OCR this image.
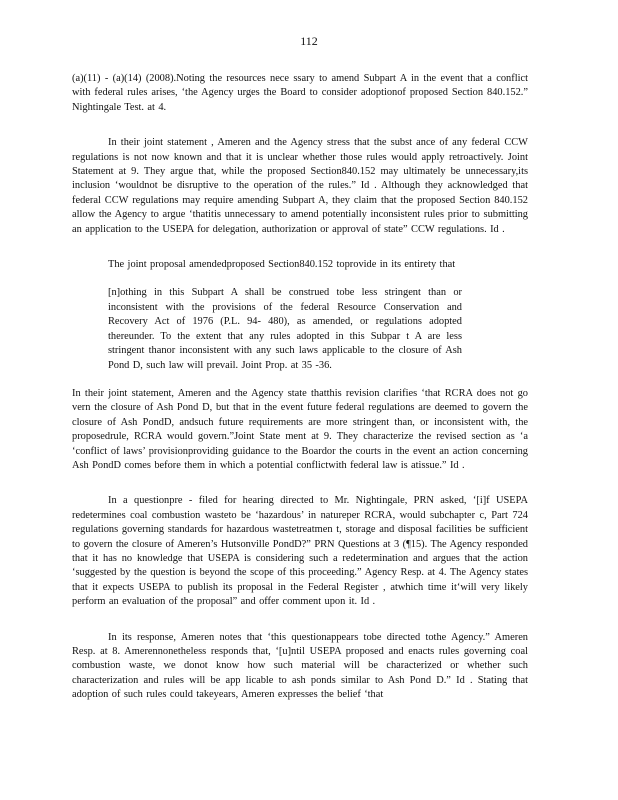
112

(a)(11) - (a)(14) (2008).Noting the resources nece ssary to amend Subpart A in the event that a conflict with federal rules arises, ‘the Agency urges the Board to consider adoptionof proposed Section 840.152.” Nightingale Test. at 4.

In their joint statement , Ameren and the Agency stress that the subst ance of any federal CCW regulations is not now known and that it is unclear whether those rules would apply retroactively. Joint Statement at 9. They argue that, while the proposed Section840.152 may ultimately be unnecessary,its inclusion ‘wouldnot be disruptive to the operation of the rules.” Id . Although they acknowledged that federal CCW regulations may require amending Subpart A, they claim that the proposed Section 840.152 allow the Agency to argue ‘thatitis unnecessary to amend potentially inconsistent rules prior to submitting an application to the USEPA for delegation, authorization or approval of state” CCW regulations. Id .

The joint proposal amendedproposed Section840.152 toprovide in its entirety that

[n]othing in this Subpart A shall be construed tobe less stringent than or inconsistent with the provisions of the federal Resource Conservation and Recovery Act of 1976 (P.L. 94- 480), as amended, or regulations adopted thereunder. To the extent that any rules adopted in this Subpar t A are less stringent thanor inconsistent with any such laws applicable to the closure of Ash Pond D, such law will prevail. Joint Prop. at 35 -36.

In their joint statement, Ameren and the Agency state thatthis revision clarifies ‘that RCRA does not go vern the closure of Ash Pond D, but that in the event future federal regulations are deemed to govern the closure of Ash PondD, andsuch future requirements are more stringent than, or inconsistent with, the proposedrule, RCRA would govern.”Joint State ment at 9. They characterize the revised section as ‘a ‘conflict of laws’ provisionproviding guidance to the Boardor the courts in the event an action concerning Ash PondD comes before them in which a potential conflictwith federal law is atissue.” Id .

In a questionpre - filed for hearing directed to Mr. Nightingale, PRN asked, ‘[i]f USEPA redetermines coal combustion wasteto be ‘hazardous’ in natureper RCRA, would subchapter c, Part 724 regulations governing standards for hazardous wastetreatmen t, storage and disposal facilities be sufficient to govern the closure of Ameren’s Hutsonville PondD?” PRN Questions at 3 (¶15). The Agency responded that it has no knowledge that USEPA is considering such a redetermination and argues that the action ‘suggested by the question is beyond the scope of this proceeding.” Agency Resp. at 4. The Agency states that it expects USEPA to publish its proposal in the Federal Register , atwhich time it‘will very likely perform an evaluation of the proposal” and offer comment upon it. Id .

In its response, Ameren notes that ‘this questionappears tobe directed tothe Agency.” Ameren Resp. at 8. Amerennonetheless responds that, ‘[u]ntil USEPA proposed and enacts rules governing coal combustion waste, we donot know how such material will be characterized or whether such characterization and rules will be app licable to ash ponds similar to Ash Pond D.” Id . Stating that adoption of such rules could takeyears, Ameren expresses the belief ‘that
